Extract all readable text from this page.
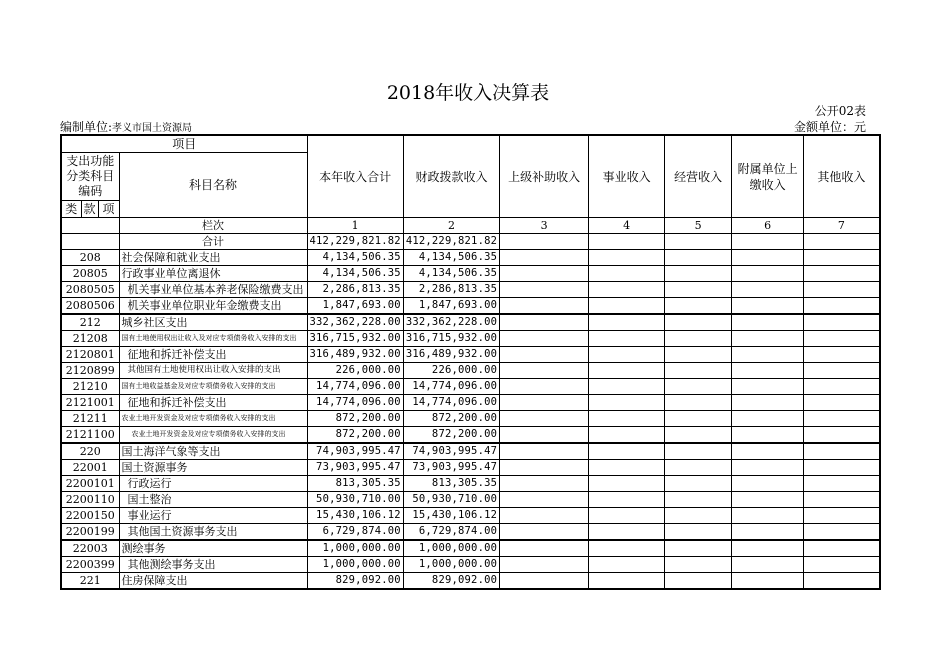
2018年收入决算表
公开02表
编制单位:孝义市国土资源局	金额单位：元
项目				本年收入合计	财政拨款收入	上级补助收入	事业收入	经营收入	附属单位上缴收入	其他收入
支出功能分类科目编码			科目名称							
类	款	项								
			栏次	1	2	3	4	5	6	7
			合计	412,229,821.82	412,229,821.82					
208			社会保障和就业支出	4,134,506.35	4,134,506.35					
20805			行政事业单位离退休	4,134,506.35	4,134,506.35					
2080505			机关事业单位基本养老保险缴费支出	2,286,813.35	2,286,813.35					
2080506			机关事业单位职业年金缴费支出	1,847,693.00	1,847,693.00					
212			城乡社区支出	332,362,228.00	332,362,228.00					
21208			国有土地使用权出让收入及对应专项债务收入安排的支出	316,715,932.00	316,715,932.00					
2120801			征地和拆迁补偿支出	316,489,932.00	316,489,932.00					
2120899			其他国有土地使用权出让收入安排的支出	226,000.00	226,000.00					
21210			国有土地收益基金及对应专项债务收入安排的支出	14,774,096.00	14,774,096.00					
2121001			征地和拆迁补偿支出	14,774,096.00	14,774,096.00					
21211			农业土地开发资金及对应专项债务收入安排的支出	872,200.00	872,200.00					
2121100			农业土地开发资金及对应专项债务收入安排的支出	872,200.00	872,200.00					
220			国土海洋气象等支出	74,903,995.47	74,903,995.47					
22001			国土资源事务	73,903,995.47	73,903,995.47					
2200101			行政运行	813,305.35	813,305.35					
2200110			国土整治	50,930,710.00	50,930,710.00					
2200150			事业运行	15,430,106.12	15,430,106.12					
2200199			其他国土资源事务支出	6,729,874.00	6,729,874.00					
22003			测绘事务	1,000,000.00	1,000,000.00					
2200399			其他测绘事务支出	1,000,000.00	1,000,000.00					
221			住房保障支出	829,092.00	829,092.00					
